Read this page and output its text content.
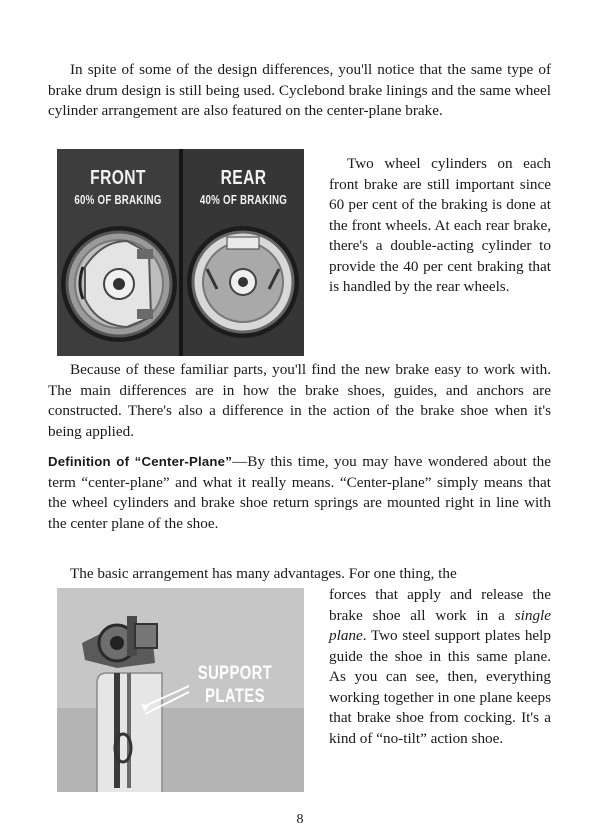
In spite of some of the design differences, you'll notice that the same type of brake drum design is still being used. Cyclebond brake linings and the same wheel cylinder arrangement are also featured on the center-plane brake.

FRONT
60% OF BRAKING
REAR
40% OF BRAKING

Two wheel cylinders on each front brake are still important since 60 per cent of the braking is done at the front wheels. At each rear brake, there's a double-acting cylinder to provide the 40 per cent braking that is handled by the rear wheels.

Because of these familiar parts, you'll find the new brake easy to work with. The main differences are in how the brake shoes, guides, and anchors are constructed. There's also a difference in the action of the brake shoe when it's being applied.

Definition of “Center-Plane”—By this time, you may have wondered about the term “center-plane” and what it really means. “Center-plane” simply means that the wheel cylinders and brake shoe return springs are mounted right in line with the center plane of the shoe.

The basic arrangement has many advantages. For one thing, the

SUPPORT
PLATES

forces that apply and release the brake shoe all work in a single plane. Two steel support plates help guide the shoe in this same plane. As you can see, then, everything working together in one plane keeps that brake shoe from cocking. It's a kind of “no-tilt” action shoe.

8
